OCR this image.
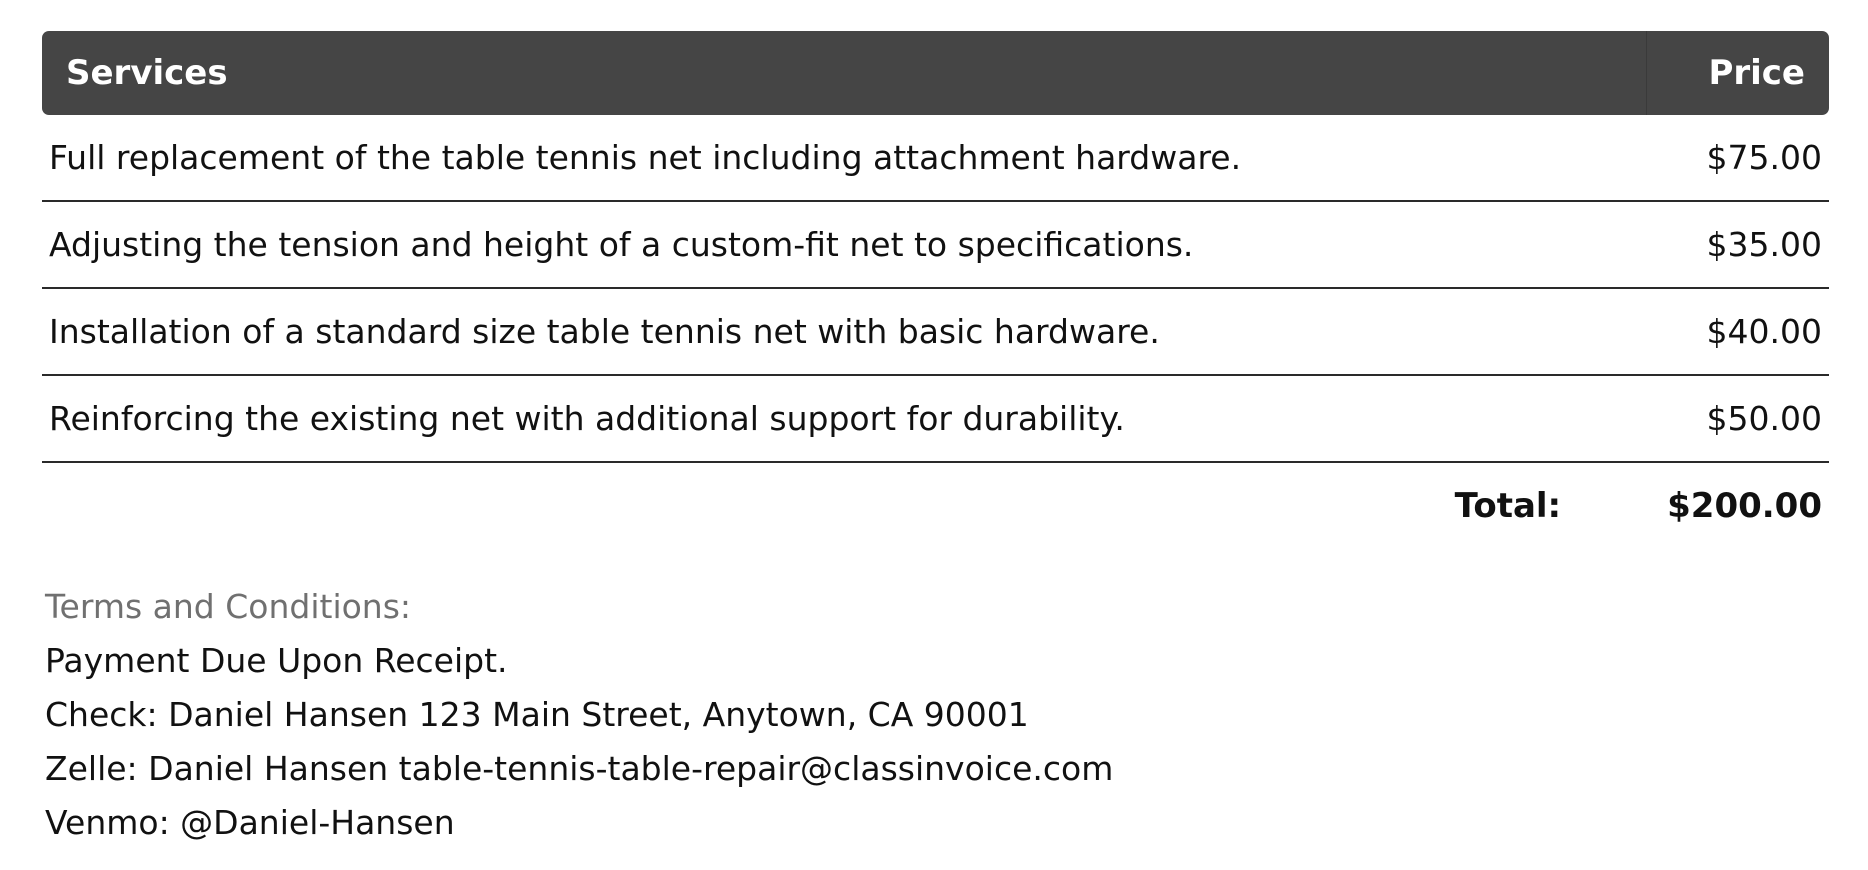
Services	Price
Full replacement of the table tennis net including attachment hardware.	$75.00
Adjusting the tension and height of a custom-fit net to specifications.	$35.00
Installation of a standard size table tennis net with basic hardware.	$40.00
Reinforcing the existing net with additional support for durability.	$50.00
Total:	$200.00
Terms and Conditions:
Payment Due Upon Receipt.
Check: Daniel Hansen 123 Main Street, Anytown, CA 90001
Zelle: Daniel Hansen table-tennis-table-repair@classinvoice.com
Venmo: @Daniel-Hansen
